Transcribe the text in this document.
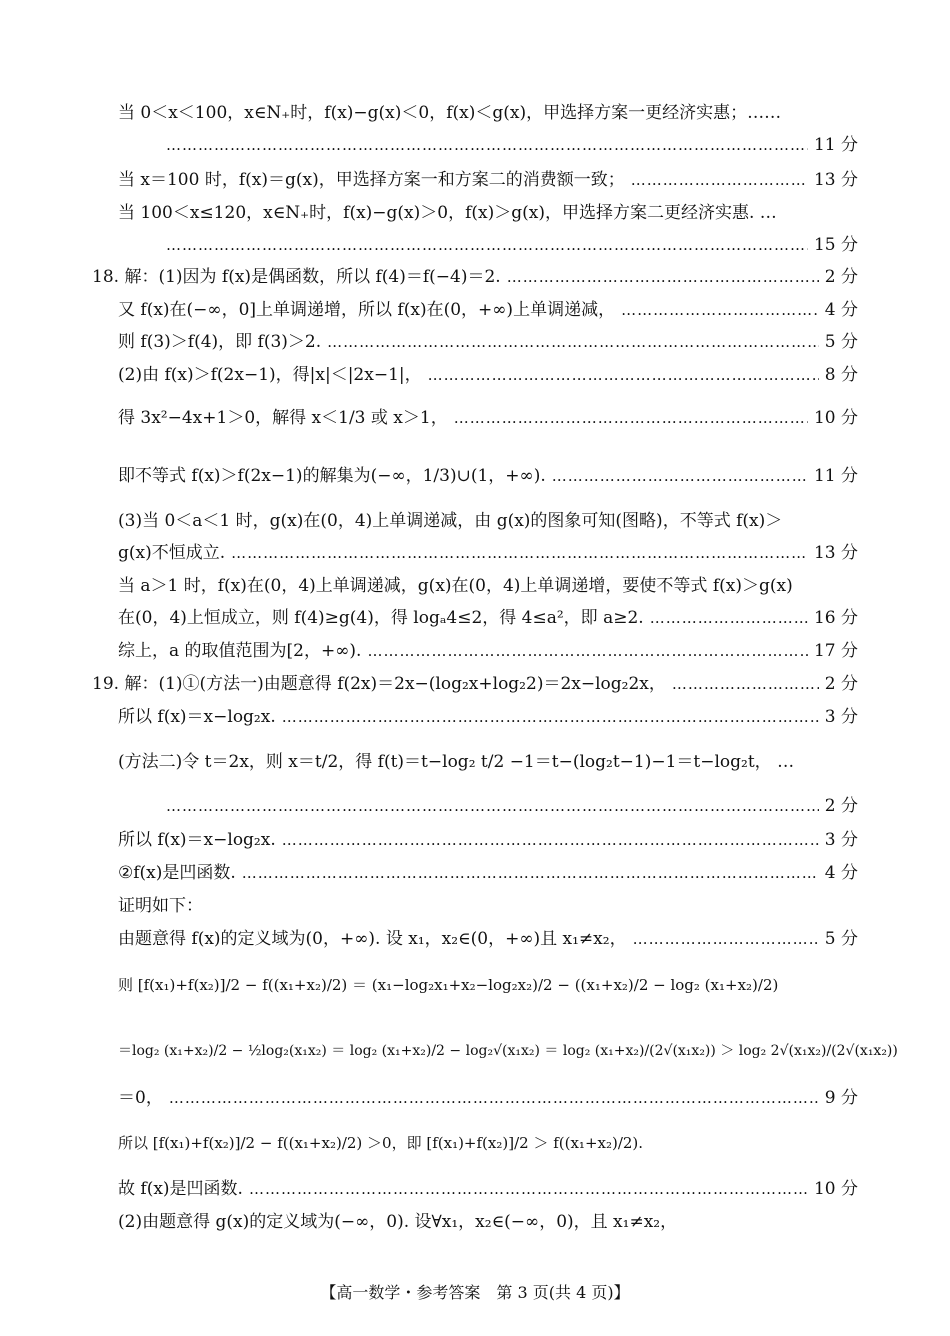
当 0＜x＜100，x∈N₊时，f(x)−g(x)＜0，f(x)＜g(x)，甲选择方案一更经济实惠；……
…………………………………………………………………………………………………………………………………………………………………………………………………………………………………
11 分
当 x＝100 时，f(x)＝g(x)，甲选择方案一和方案二的消费额一致； …………………………………………………………………………………………………………………………………………………………………………………………………………………………………	13 分
当 100＜x≤120，x∈N₊时，f(x)−g(x)＞0，f(x)＞g(x)，甲选择方案二更经济实惠. …
…………………………………………………………………………………………………………………………………………………………………………………………………………………………………
15 分
18. 解：(1)因为 f(x)是偶函数，所以 f(4)＝f(−4)＝2. …………………………………………………………………………………………………………………………………………………………………………………………………………………………………	2 分
又 f(x)在(−∞，0]上单调递增，所以 f(x)在(0，+∞)上单调递减， …………………………………………………………………………………………………………………………………………………………………………………………………………………………………	4 分
则 f(3)＞f(4)，即 f(3)＞2. …………………………………………………………………………………………………………………………………………………………………………………………………………………………………	5 分
(2)由 f(x)＞f(2x−1)，得|x|＜|2x−1|， …………………………………………………………………………………………………………………………………………………………………………………………………………………………………	8 分
得 3x²−4x+1＞0，解得 x＜1/3 或 x＞1， …………………………………………………………………………………………………………………………………………………………………………………………………………………………………	10 分
即不等式 f(x)＞f(2x−1)的解集为(−∞，1/3)∪(1，+∞). …………………………………………………………………………………………………………………………………………………………………………………………………………………………………	11 分
(3)当 0＜a＜1 时，g(x)在(0，4)上单调递减，由 g(x)的图象可知(图略)，不等式 f(x)＞
g(x)不恒成立. …………………………………………………………………………………………………………………………………………………………………………………………………………………………………	13 分
当 a＞1 时，f(x)在(0，4)上单调递减，g(x)在(0，4)上单调递增，要使不等式 f(x)＞g(x)
在(0，4)上恒成立，则 f(4)≥g(4)，得 logₐ4≤2，得 4≤a²，即 a≥2. …………………………………………………………………………………………………………………………………………………………………………………………………………………………………	16 分
综上，a 的取值范围为[2，+∞). …………………………………………………………………………………………………………………………………………………………………………………………………………………………………	17 分
19. 解：(1)①(方法一)由题意得 f(2x)＝2x−(log₂x+log₂2)＝2x−log₂2x， …………………………………………………………………………………………………………………………………………………………………………………………………………………………………	2 分
所以 f(x)＝x−log₂x. …………………………………………………………………………………………………………………………………………………………………………………………………………………………………	3 分
(方法二)令 t＝2x，则 x＝t/2，得 f(t)＝t−log₂ t/2 −1＝t−(log₂t−1)−1＝t−log₂t， …
…………………………………………………………………………………………………………………………………………………………………………………………………………………………………
2 分
所以 f(x)＝x−log₂x. …………………………………………………………………………………………………………………………………………………………………………………………………………………………………	3 分
②f(x)是凹函数. …………………………………………………………………………………………………………………………………………………………………………………………………………………………………	4 分
证明如下：
由题意得 f(x)的定义域为(0，+∞). 设 x₁，x₂∈(0，+∞)且 x₁≠x₂， …………………………………………………………………………………………………………………………………………………………………………………………………………………………………	5 分
则 [f(x₁)+f(x₂)]/2 − f((x₁+x₂)/2) ＝ (x₁−log₂x₁+x₂−log₂x₂)/2 − ((x₁+x₂)/2 − log₂ (x₁+x₂)/2)
＝log₂ (x₁+x₂)/2 − ½log₂(x₁x₂) ＝ log₂ (x₁+x₂)/2 − log₂√(x₁x₂) ＝ log₂ (x₁+x₂)/(2√(x₁x₂)) ＞ log₂ 2√(x₁x₂)/(2√(x₁x₂))
＝0， …………………………………………………………………………………………………………………………………………………………………………………………………………………………………	9 分
所以 [f(x₁)+f(x₂)]/2 − f((x₁+x₂)/2) ＞0，即 [f(x₁)+f(x₂)]/2 ＞ f((x₁+x₂)/2).
故 f(x)是凹函数. …………………………………………………………………………………………………………………………………………………………………………………………………………………………………	10 分
(2)由题意得 g(x)的定义域为(−∞，0). 设∀x₁，x₂∈(−∞，0)，且 x₁≠x₂，
【高一数学・参考答案　第 3 页(共 4 页)】
